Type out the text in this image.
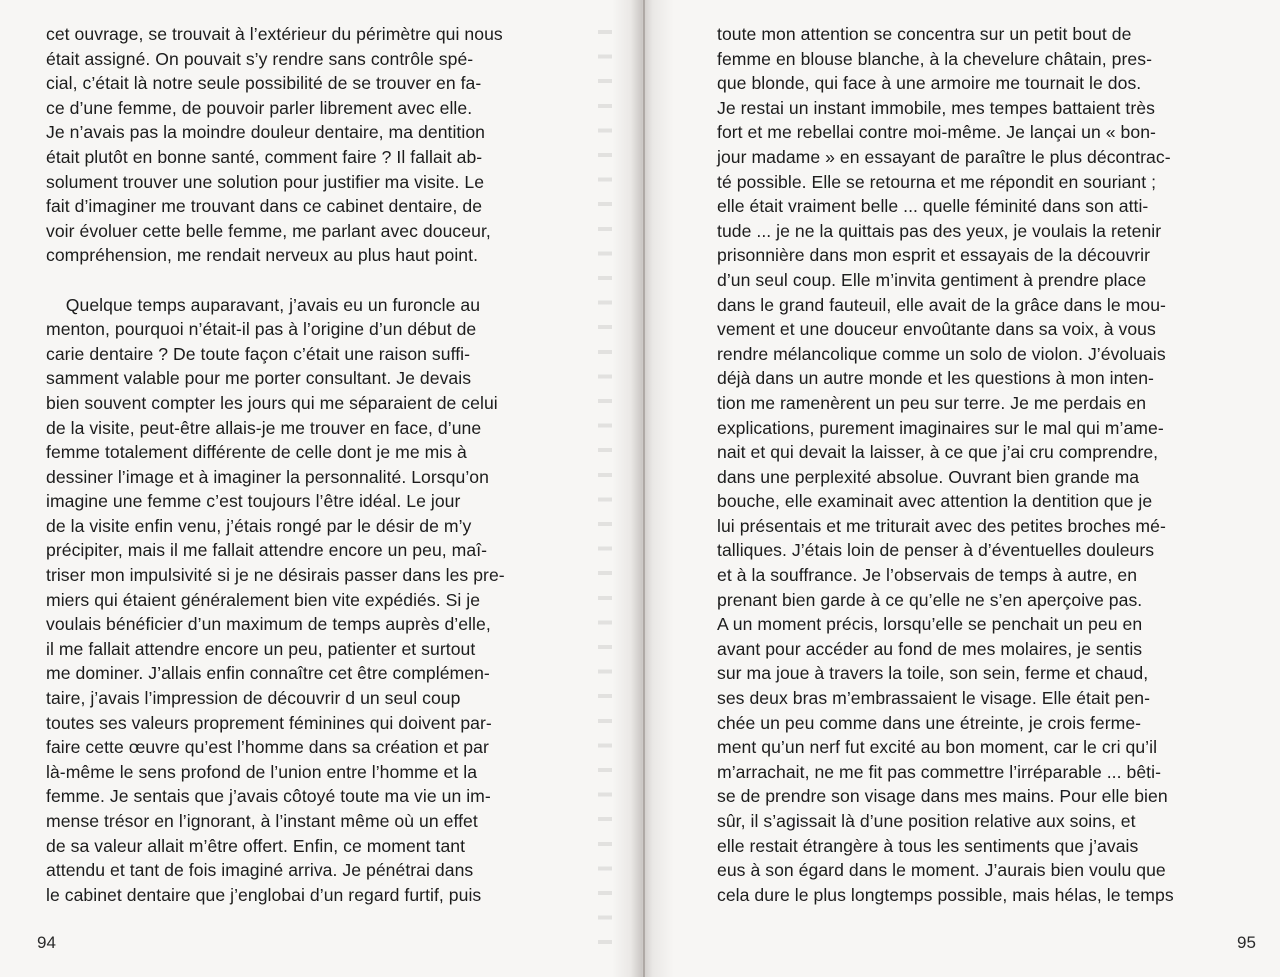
cet ouvrage, se trouvait à l’extérieur du périmètre qui nous
était assigné. On pouvait s’y rendre sans contrôle spé-
cial, c’était là notre seule possibilité de se trouver en fa-
ce d’une femme, de pouvoir parler librement avec elle.
Je n’avais pas la moindre douleur dentaire, ma dentition
était plutôt en bonne santé, comment faire ? Il fallait ab-
solument trouver une solution pour justifier ma visite. Le
fait d’imaginer me trouvant dans ce cabinet dentaire, de
voir évoluer cette belle femme, me parlant avec douceur,
compréhension, me rendait nerveux au plus haut point.

Quelque temps auparavant, j’avais eu un furoncle au
menton, pourquoi n’était-il pas à l’origine d’un début de
carie dentaire ? De toute façon c’était une raison suffi-
samment valable pour me porter consultant. Je devais
bien souvent compter les jours qui me séparaient de celui
de la visite, peut-être allais-je me trouver en face, d’une
femme totalement différente de celle dont je me mis à
dessiner l’image et à imaginer la personnalité. Lorsqu’on
imagine une femme c’est toujours l’être idéal. Le jour
de la visite enfin venu, j’étais rongé par le désir de m’y
précipiter, mais il me fallait attendre encore un peu, maî-
triser mon impulsivité si je ne désirais passer dans les pre-
miers qui étaient généralement bien vite expédiés. Si je
voulais bénéficier d’un maximum de temps auprès d’elle,
il me fallait attendre encore un peu, patienter et surtout
me dominer. J’allais enfin connaître cet être complémen-
taire, j’avais l’impression de découvrir d un seul coup
toutes ses valeurs proprement féminines qui doivent par-
faire cette œuvre qu’est l’homme dans sa création et par
là-même le sens profond de l’union entre l’homme et la
femme. Je sentais que j’avais côtoyé toute ma vie un im-
mense trésor en l’ignorant, à l’instant même où un effet
de sa valeur allait m’être offert. Enfin, ce moment tant
attendu et tant de fois imaginé arriva. Je pénétrai dans
le cabinet dentaire que j’englobai d’un regard furtif, puis
94
toute mon attention se concentra sur un petit bout de
femme en blouse blanche, à la chevelure châtain, pres-
que blonde, qui face à une armoire me tournait le dos.
Je restai un instant immobile, mes tempes battaient très
fort et me rebellai contre moi-même. Je lançai un « bon-
jour madame » en essayant de paraître le plus décontrac-
té possible. Elle se retourna et me répondit en souriant ;
elle était vraiment belle ... quelle féminité dans son atti-
tude ... je ne la quittais pas des yeux, je voulais la retenir
prisonnière dans mon esprit et essayais de la découvrir
d’un seul coup. Elle m’invita gentiment à prendre place
dans le grand fauteuil, elle avait de la grâce dans le mou-
vement et une douceur envoûtante dans sa voix, à vous
rendre mélancolique comme un solo de violon. J’évoluais
déjà dans un autre monde et les questions à mon inten-
tion me ramenèrent un peu sur terre. Je me perdais en
explications, purement imaginaires sur le mal qui m’ame-
nait et qui devait la laisser, à ce que j’ai cru comprendre,
dans une perplexité absolue. Ouvrant bien grande ma
bouche, elle examinait avec attention la dentition que je
lui présentais et me triturait avec des petites broches mé-
talliques. J’étais loin de penser à d’éventuelles douleurs
et à la souffrance. Je l’observais de temps à autre, en
prenant bien garde à ce qu’elle ne s’en aperçoive pas.
A un moment précis, lorsqu’elle se penchait un peu en
avant pour accéder au fond de mes molaires, je sentis
sur ma joue à travers la toile, son sein, ferme et chaud,
ses deux bras m’embrassaient le visage. Elle était pen-
chée un peu comme dans une étreinte, je crois ferme-
ment qu’un nerf fut excité au bon moment, car le cri qu’il
m’arrachait, ne me fit pas commettre l’irréparable ... bêti-
se de prendre son visage dans mes mains. Pour elle bien
sûr, il s’agissait là d’une position relative aux soins, et
elle restait étrangère à tous les sentiments que j’avais
eus à son égard dans le moment. J’aurais bien voulu que
cela dure le plus longtemps possible, mais hélas, le temps
95
